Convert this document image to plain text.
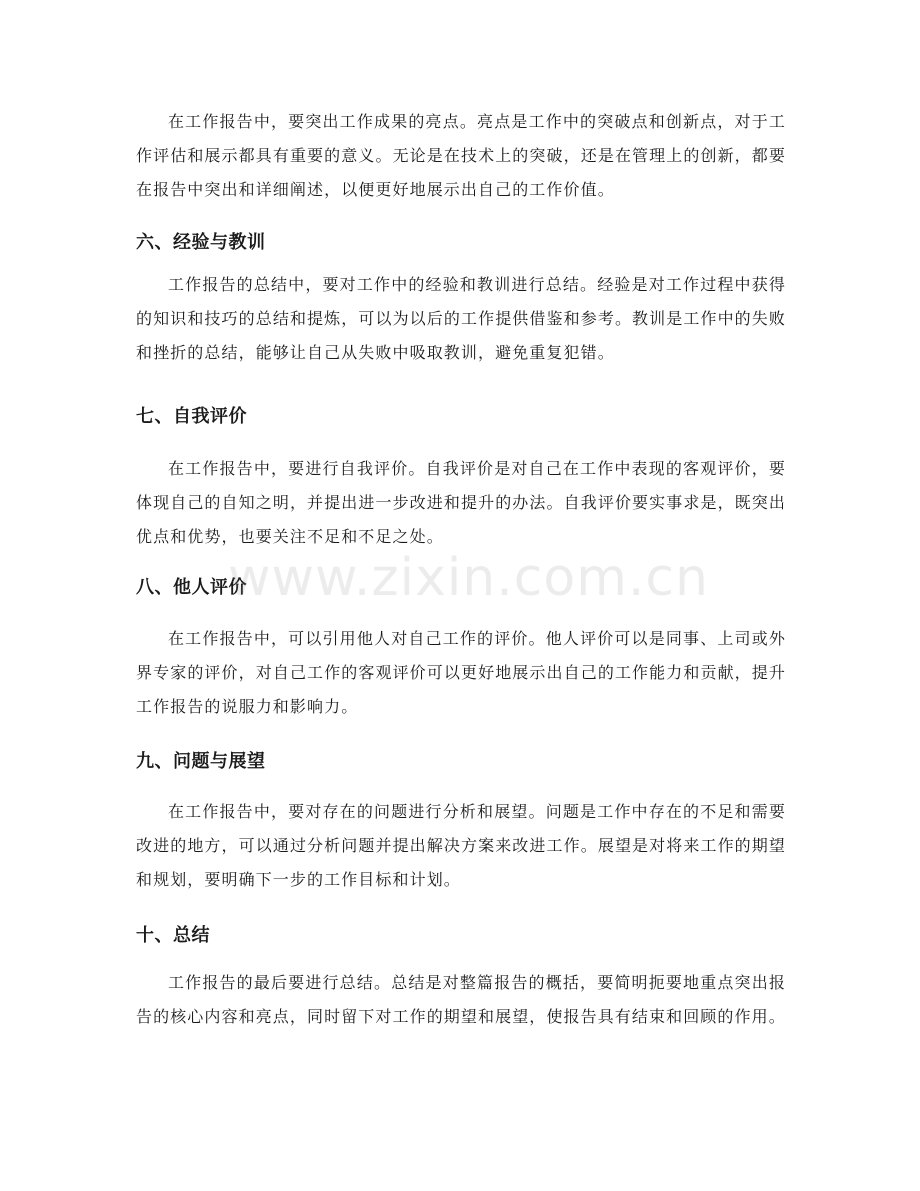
在工作报告中，要突出工作成果的亮点。亮点是工作中的突破点和创新点，对于工作评估和展示都具有重要的意义。无论是在技术上的突破，还是在管理上的创新，都要在报告中突出和详细阐述，以便更好地展示出自己的工作价值。

六、经验与教训

工作报告的总结中，要对工作中的经验和教训进行总结。经验是对工作过程中获得的知识和技巧的总结和提炼，可以为以后的工作提供借鉴和参考。教训是工作中的失败和挫折的总结，能够让自己从失败中吸取教训，避免重复犯错。

七、自我评价

在工作报告中，要进行自我评价。自我评价是对自己在工作中表现的客观评价，要体现自己的自知之明，并提出进一步改进和提升的办法。自我评价要实事求是，既突出优点和优势，也要关注不足和不足之处。

八、他人评价

在工作报告中，可以引用他人对自己工作的评价。他人评价可以是同事、上司或外界专家的评价，对自己工作的客观评价可以更好地展示出自己的工作能力和贡献，提升工作报告的说服力和影响力。

九、问题与展望

在工作报告中，要对存在的问题进行分析和展望。问题是工作中存在的不足和需要改进的地方，可以通过分析问题并提出解决方案来改进工作。展望是对将来工作的期望和规划，要明确下一步的工作目标和计划。

十、总结

工作报告的最后要进行总结。总结是对整篇报告的概括，要简明扼要地重点突出报告的核心内容和亮点，同时留下对工作的期望和展望，使报告具有结束和回顾的作用。

www.zixin.com.cn
